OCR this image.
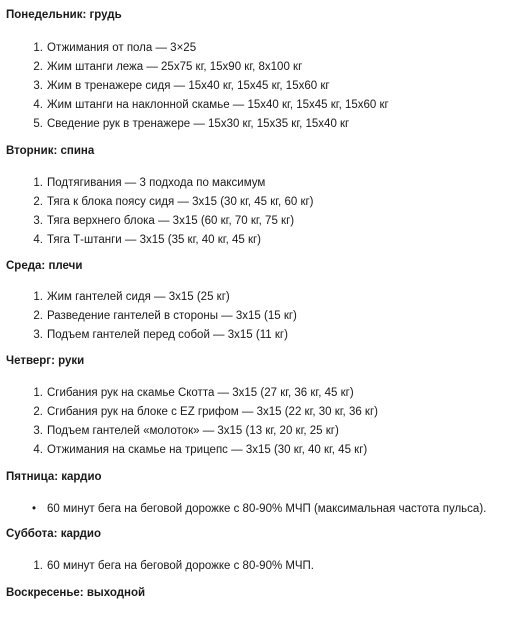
Понедельник: грудь
1. Отжимания от пола — 3×25
2. Жим штанги лежа — 25х75 кг, 15х90 кг, 8х100 кг
3. Жим в тренажере сидя — 15х40 кг, 15х45 кг, 15х60 кг
4. Жим штанги на наклонной скамье — 15х40 кг, 15х45 кг, 15х60 кг
5. Сведение рук в тренажере — 15х30 кг, 15х35 кг, 15х40 кг
Вторник: спина
1. Подтягивания — 3 подхода по максимум
2. Тяга к блока поясу сидя — 3х15 (30 кг, 45 кг, 60 кг)
3. Тяга верхнего блока — 3х15 (60 кг, 70 кг, 75 кг)
4. Тяга Т-штанги — 3х15 (35 кг, 40 кг, 45 кг)
Среда: плечи
1. Жим гантелей сидя — 3х15 (25 кг)
2. Разведение гантелей в стороны — 3х15 (15 кг)
3. Подъем гантелей перед собой — 3х15 (11 кг)
Четверг: руки
1. Сгибания рук на скамье Скотта — 3х15 (27 кг, 36 кг, 45 кг)
2. Сгибания рук на блоке с EZ грифом — 3х15 (22 кг, 30 кг, 36 кг)
3. Подъем гантелей «молоток» — 3х15 (13 кг, 20 кг, 25 кг)
4. Отжимания на скамье на трицепс — 3х15 (30 кг, 40 кг, 45 кг)
Пятница: кардио
• 60 минут бега на беговой дорожке с 80-90% МЧП (максимальная частота пульса).
Суббота: кардио
1. 60 минут бега на беговой дорожке с 80-90% МЧП.
Воскресенье: выходной
